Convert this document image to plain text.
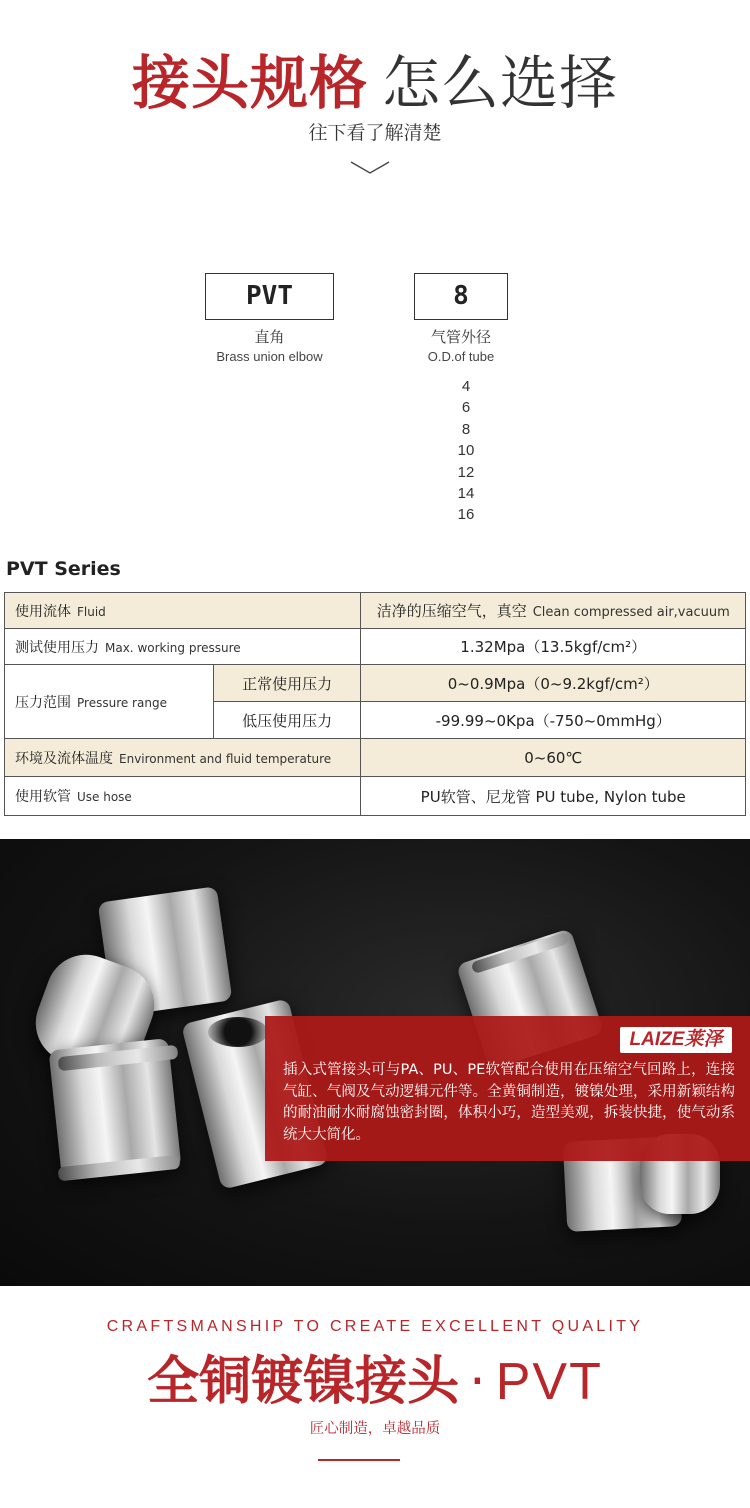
接头规格 怎么选择
往下看了解清楚
PVT	8
直角
Brass union elbow
气管外径
O.D.of tube
4
6
8
10
12
14
16
PVT Series
使用流体 Fluid		洁净的压缩空气，真空 Clean compressed air,vacuum
测试使用压力 Max. working pressure		1.32Mpa（13.5kgf/cm²）
压力范围 Pressure range	正常使用压力	0~0.9Mpa（0~9.2kgf/cm²）
	低压使用压力	-99.99~0Kpa（-750~0mmHg）
环境及流体温度 Environment and fluid temperature		0~60℃
使用软管 Use hose		PU软管、尼龙管 PU tube, Nylon tube
LAIZE莱泽
插入式管接头可与PA、PU、PE软管配合使用在压缩空气回路上，连接气缸、气阀及气动逻辑元件等。全黄铜制造，镀镍处理，采用新颖结构的耐油耐水耐腐蚀密封圈，体积小巧，造型美观，拆装快捷，使气动系统大大简化。
CRAFTSMANSHIP TO CREATE EXCELLENT QUALITY
全铜镀镍接头 · PVT
匠心制造，卓越品质
